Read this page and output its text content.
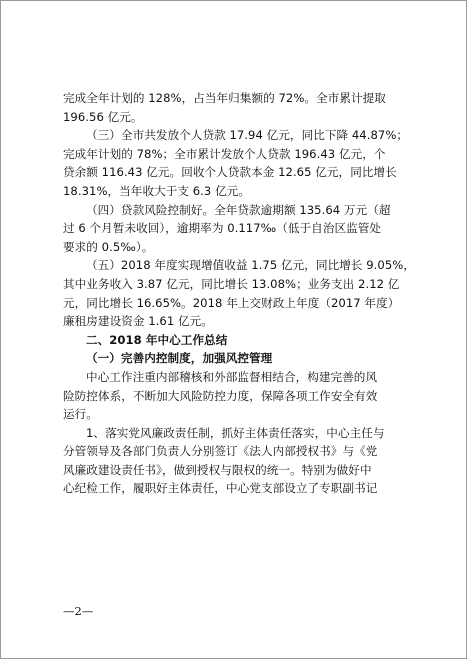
完成全年计划的 128%，占当年归集额的 72%。全市累计提取
196.56 亿元。
（三）全市共发放个人贷款 17.94 亿元，同比下降 44.87%；
完成年计划的 78%；全市累计发放个人贷款 196.43 亿元，个
贷余额 116.43 亿元。回收个人贷款本金 12.65 亿元，同比增长
18.31%，当年收大于支 6.3 亿元。
（四）贷款风险控制好。全年贷款逾期额 135.64 万元（超
过 6 个月暂未收回），逾期率为 0.117‰（低于自治区监管处
要求的 0.5‰）。
（五）2018 年度实现增值收益 1.75 亿元，同比增长 9.05%，
其中业务收入 3.87 亿元，同比增长 13.08%；业务支出 2.12 亿
元，同比增长 16.65%。2018 年上交财政上年度（2017 年度）
廉租房建设资金 1.61 亿元。
二、2018 年中心工作总结
（一）完善内控制度，加强风控管理
中心工作注重内部稽核和外部监督相结合，构建完善的风
险防控体系，不断加大风险防控力度，保障各项工作安全有效
运行。
1、落实党风廉政责任制，抓好主体责任落实，中心主任与
分管领导及各部门负责人分别签订《法人内部授权书》与《党
风廉政建设责任书》，做到授权与限权的统一。特别为做好中
心纪检工作，履职好主体责任，中心党支部设立了专职副书记
—2—
